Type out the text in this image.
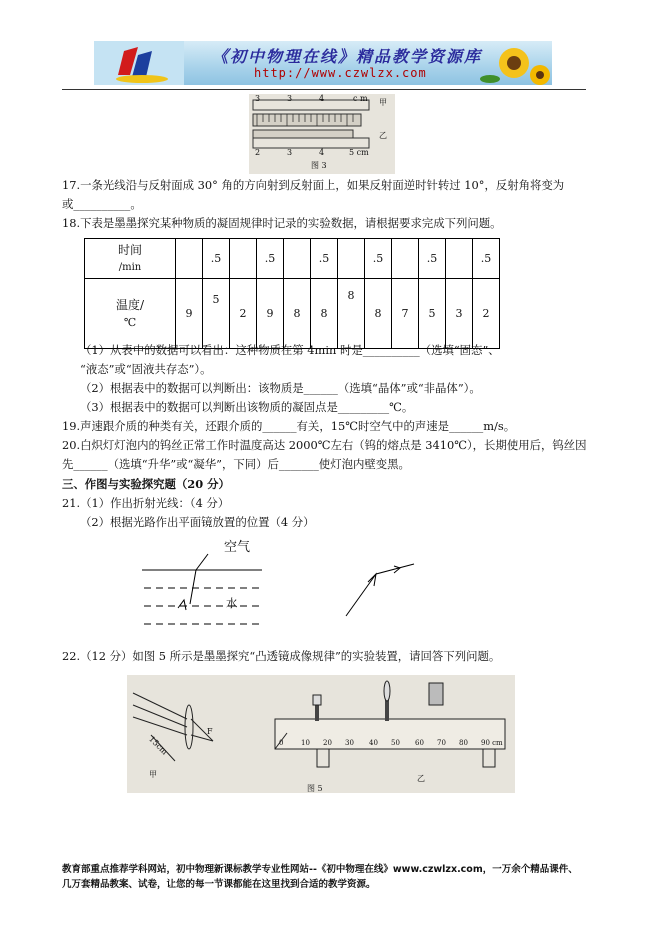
《初中物理在线》精品教学资源库
http://www.czwlzx.com
3	3	4	c m 甲
乙
2	3	4	5 cm
图 3
17.一条光线沿与反射面成 30° 角的方向射到反射面上，如果反射面逆时针转过 10°，反射角将变为
或__________。
18.下表是墨墨探究某种物质的凝固规律时记录的实验数据，请根据要求完成下列问题。
时间
/min		.5		.5		.5		.5		.5		.5

温度/
℃	9	5	2	9	8	8	8	8	7	5	3	2
（1）从表中的数据可以看出：这种物质在第 4min 时是__________（选填“固态”、
“液态”或“固液共存态”）。
（2）根据表中的数据可以判断出：该物质是______（选填“晶体”或“非晶体”）。
（3）根据表中的数据可以判断出该物质的凝固点是_________℃。
19.声速跟介质的种类有关，还跟介质的______有关，15℃时空气中的声速是______m/s。
20.白炽灯灯泡内的钨丝正常工作时温度高达 2000℃左右（钨的熔点是 3410℃），长期使用后，钨丝因
先______（选填“升华”或“凝华”，下同）后_______使灯泡内壁变黑。
三、作图与实验探究题（20 分）
21.（1）作出折射光线：（4 分）
（2）根据光路作出平面镜放置的位置（4 分）
空气
水
22.（12 分）如图 5 所示是墨墨探究“凸透镜成像规律”的实验装置，请回答下列问题。
15cm
F
甲	乙
图 5
0	10 20 30 40 50 60 70 80 90 cm
教育部重点推荐学科网站，初中物理新课标教学专业性网站--《初中物理在线》www.czwlzx.com，一万余个精品课件、
几万套精品教案、试卷，让您的每一节课都能在这里找到合适的教学资源。
